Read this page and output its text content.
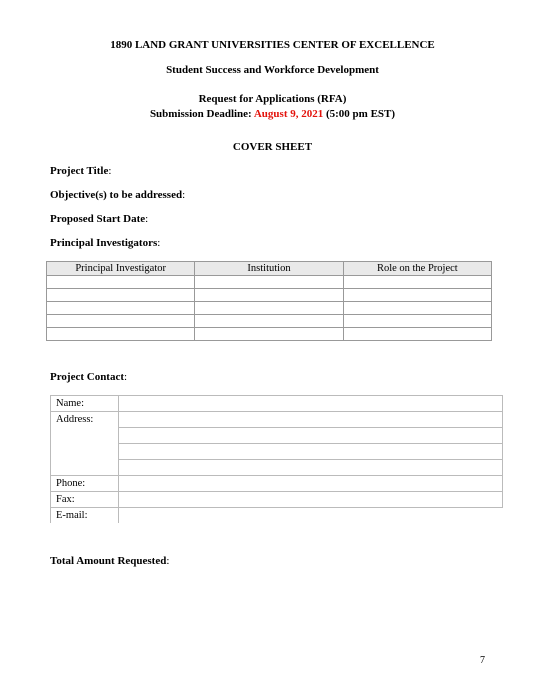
1890 LAND GRANT UNIVERSITIES CENTER OF EXCELLENCE
Student Success and Workforce Development
Request for Applications (RFA)
Submission Deadline: August 9, 2021 (5:00 pm EST)
COVER SHEET
Project Title:
Objective(s) to be addressed:
Proposed Start Date:
Principal Investigators:
Principal Investigator	Institution	Role on the Project

Project Contact:
Name:	
Address:	

Phone:	
Fax:	
E-mail:	
Total Amount Requested:
7
